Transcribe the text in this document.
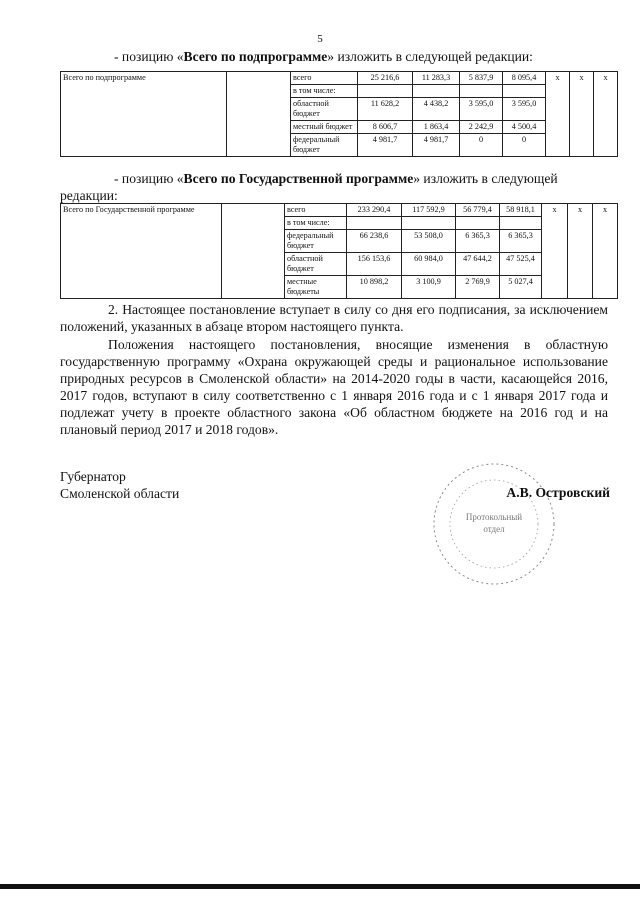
5
- позицию «Всего по подпрограмме» изложить в следующей редакции:
Всего по подпрограмме		всего	25 216,6	11 283,3	5 837,9	8 095,4	х	х	х
		в том числе:							
		областной бюджет	11 628,2	4 438,2	3 595,0	3 595,0			
		местный бюджет	8 606,7	1 863,4	2 242,9	4 500,4			
		федеральный бюджет	4 981,7	4 981,7	0	0			
- позицию «Всего по Государственной программе» изложить в следующей
редакции:
Всего по Государственной программе		всего	233 290,4	117 592,9	56 779,4	58 918,1	х	х	х
		в том числе:							
		федеральный бюджет	66 238,6	53 508,0	6 365,3	6 365,3			
		областной бюджет	156 153,6	60 984,0	47 644,2	47 525,4			
		местные бюджеты	10 898,2	3 100,9	2 769,9	5 027,4			
2. Настоящее постановление вступает в силу со дня его подписания, за исключением положений, указанных в абзаце втором настоящего пункта.
Положения настоящего постановления, вносящие изменения в областную государственную программу «Охрана окружающей среды и рациональное использование природных ресурсов в Смоленской области» на 2014-2020 годы в части, касающейся 2016, 2017 годов, вступают в силу соответственно с 1 января 2016 года и с 1 января 2017 года и подлежат учету в проекте областного закона «Об областном бюджете на 2016 год и на плановый период 2017 и 2018 годов».
Губернатор
Смоленской области
Протокольный
отдел
А.В. Островский
